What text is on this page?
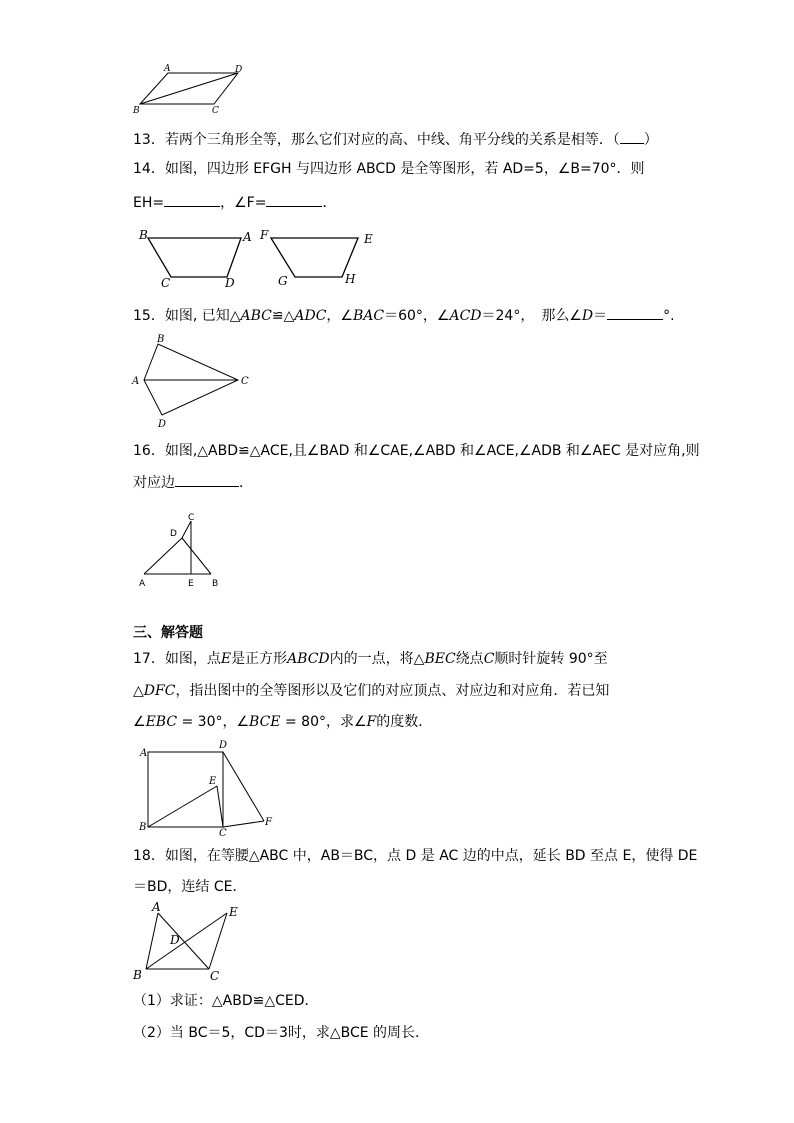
A	D
B	C
13．若两个三角形全等，那么它们对应的高、中线、角平分线的关系是相等．（ ）
14．如图，四边形 EFGH 与四边形 ABCD 是全等图形，若 AD=5，∠B=70°．则
EH=	，∠F=	．
B	A
C	D
F	E
G	H
15．如图, 已知△ABC≌△ADC，∠BAC＝60°，∠ACD＝24°，　那么∠D＝	°.
B
A	C
D
16．如图,△ABD≌△ACE,且∠BAD 和∠CAE,∠ABD 和∠ACE,∠ADB 和∠AEC 是对应角,则
对应边	．
C
D
A	E B
三、解答题
17．如图，点E是正方形ABCD内的一点，将△BEC绕点C顺时针旋转 90°至
△DFC，指出图中的全等图形以及它们的对应顶点、对应边和对应角．若已知
∠EBC = 30°，∠BCE = 80°，求∠F的度数．
A
D
E
B
C
F
18．如图，在等腰△ABC 中，AB＝BC，点 D 是 AC 边的中点，延长 BD 至点 E，使得 DE
＝BD，连结 CE．
A	E
D
B	C
（1）求证：△ABD≌△CED．
（2）当 BC＝5，CD＝3时，求△BCE 的周长．
